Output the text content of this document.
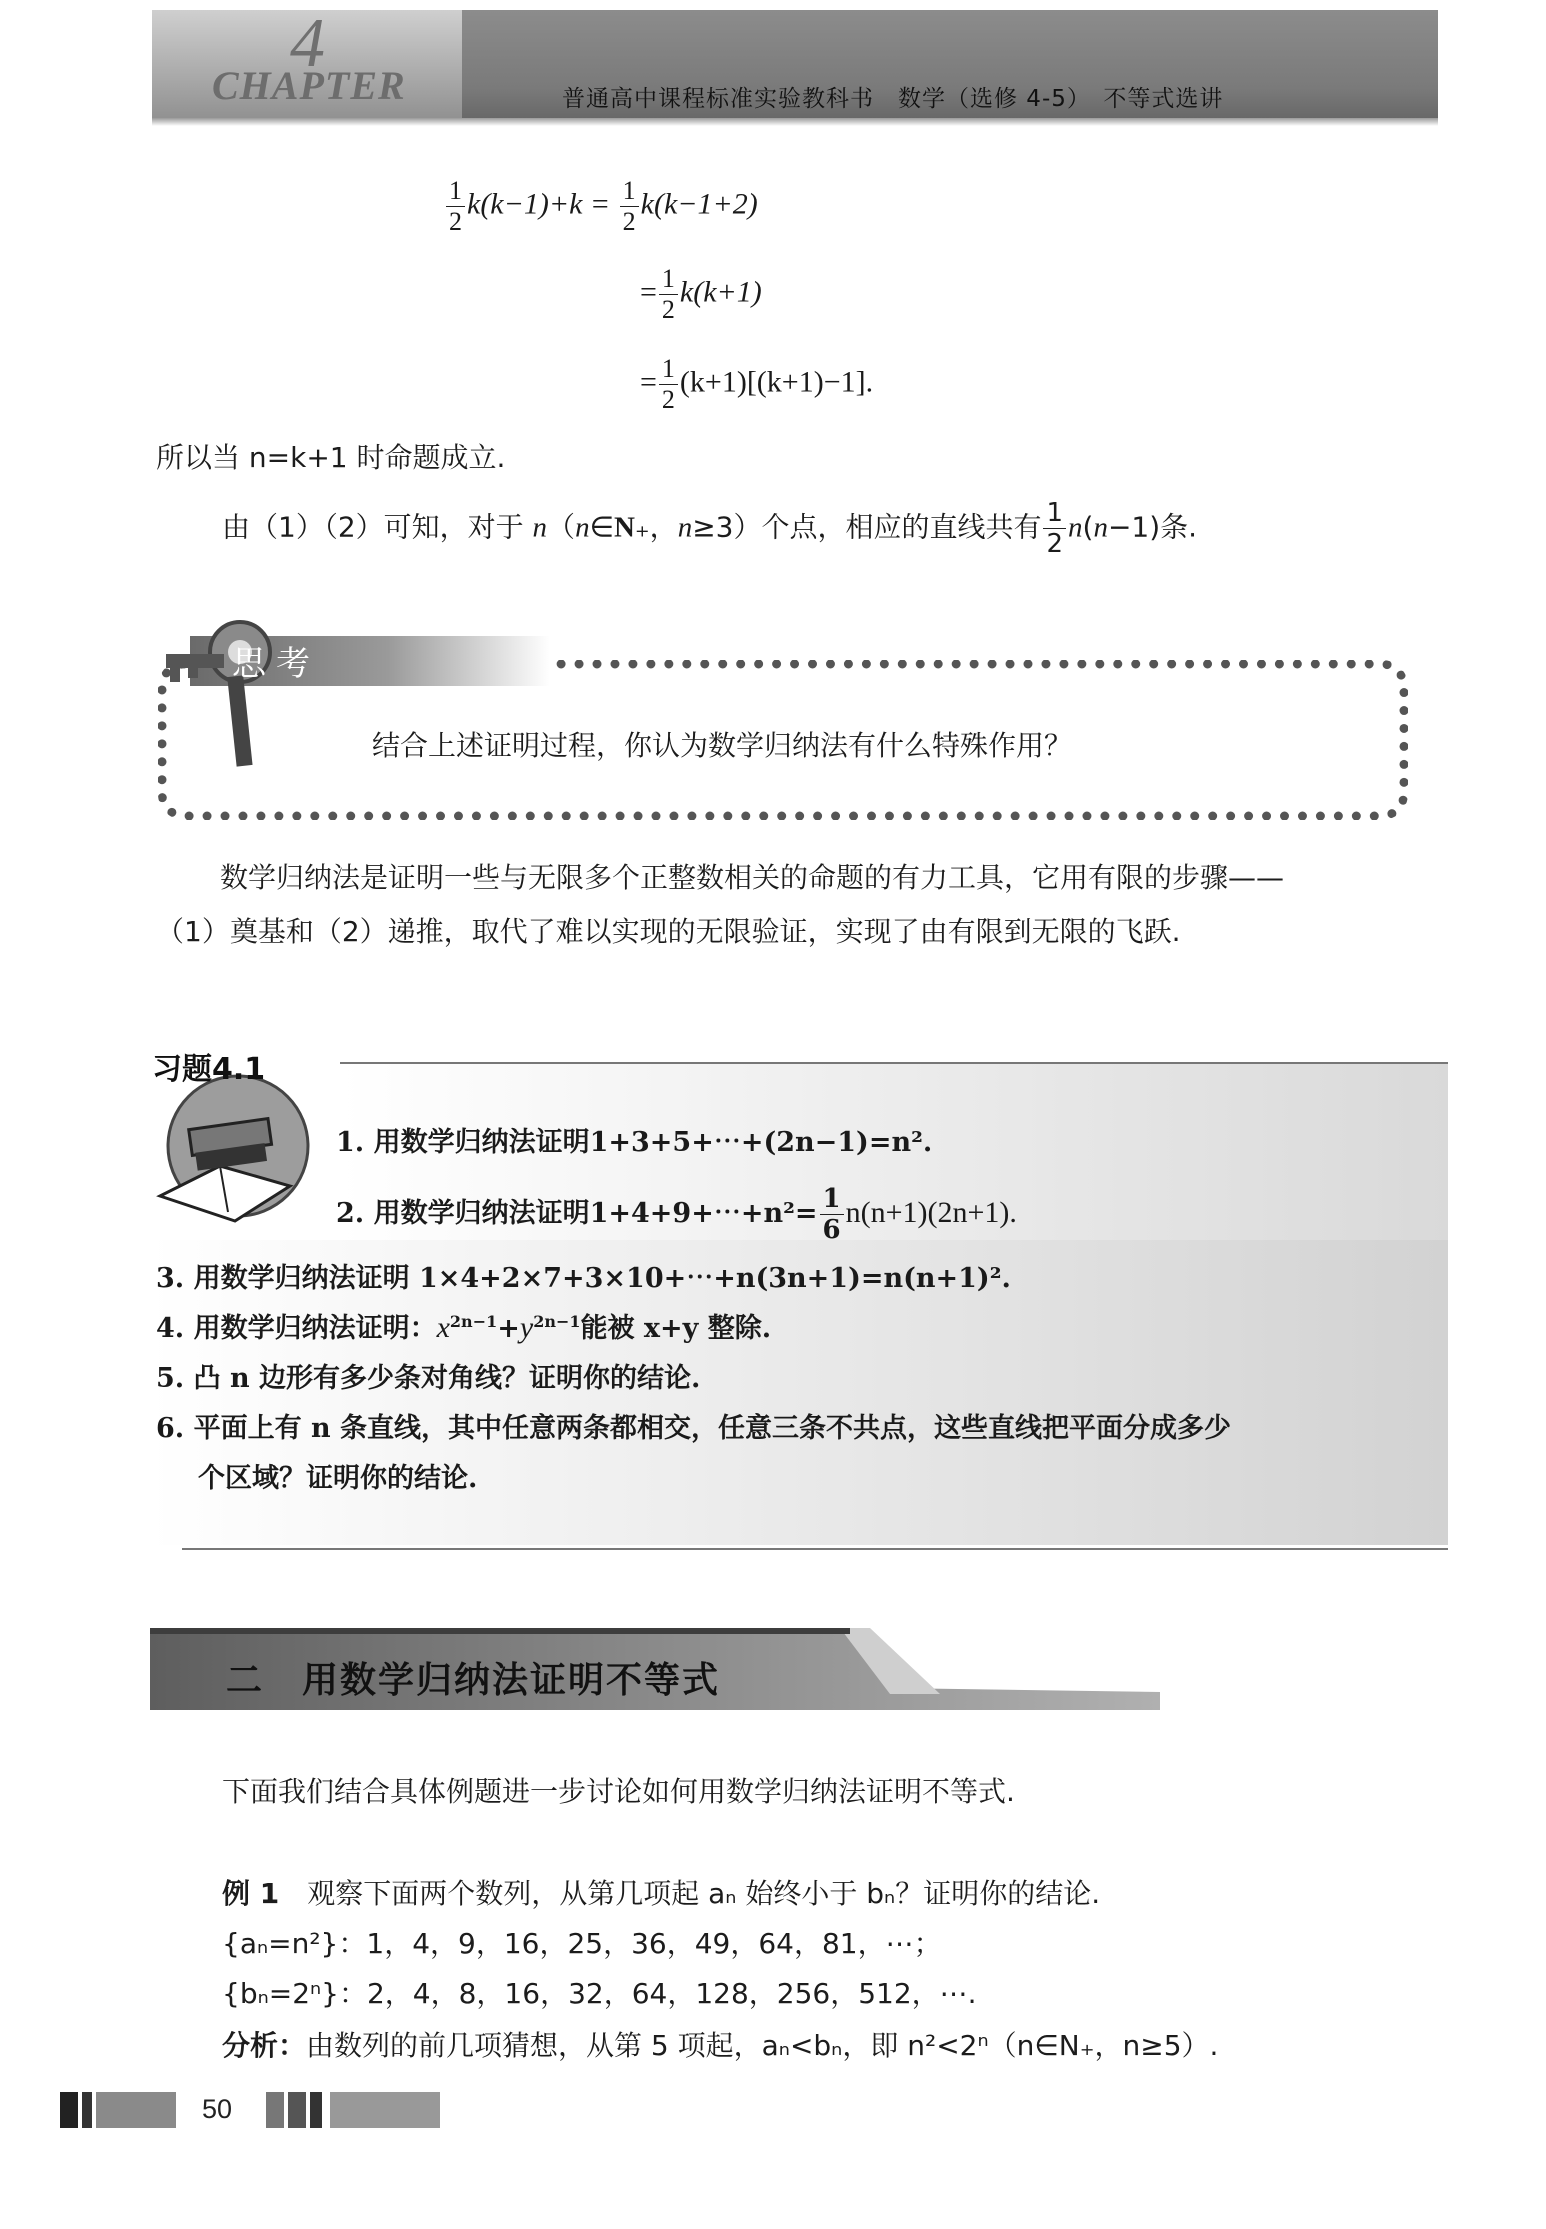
4
CHAPTER	普通高中课程标准实验教科书　数学（选修 4-5）　不等式选讲
$\frac{1}{2} k(k-1)+k = \frac{1}{2} k(k-1+2)$
= $\frac{1}{2} k(k+1)$
= $\frac{1}{2} (k+1)[(k+1)-1]$.
所以当 n=k+1 时命题成立.
由（1）（2）可知，对于 n（n∈N₊，n≥3）个点，相应的直线共有 $\frac{1}{2} n(n-1)$条.
思考
结合上述证明过程，你认为数学归纳法有什么特殊作用？
数学归纳法是证明一些与无限多个正整数相关的命题的有力工具，它用有限的步骤——
（1）奠基和（2）递推，取代了难以实现的无限验证，实现了由有限到无限的飞跃.
习题4.1
1. 用数学归纳法证明1+3+5+⋯+(2n−1)=n².
2. 用数学归纳法证明1+4+9+⋯+n²= $\frac{1}{6} n(n+1)(2n+1)$.
3. 用数学归纳法证明 1×4+2×7+3×10+⋯+n(3n+1)=n(n+1)².
4. 用数学归纳法证明：$x^{2n-1}+y^{2n-1}$能被 x+y 整除.
5. 凸 n 边形有多少条对角线？证明你的结论.
6. 平面上有 n 条直线，其中任意两条都相交，任意三条不共点，这些直线把平面分成多少
个区域？证明你的结论.
二　 用数学归纳法证明不等式
下面我们结合具体例题进一步讨论如何用数学归纳法证明不等式.
例 1　 观察下面两个数列，从第几项起 aₙ 始终小于 bₙ？证明你的结论.
{aₙ=n²}：1，4，9，16，25，36，49，64，81，⋯；
{bₙ=2ⁿ}：2，4，8，16，32，64，128，256，512，⋯.
分析：由数列的前几项猜想，从第 5 项起，aₙ<bₙ，即 n²<2ⁿ（n∈N₊，n≥5）.
50
